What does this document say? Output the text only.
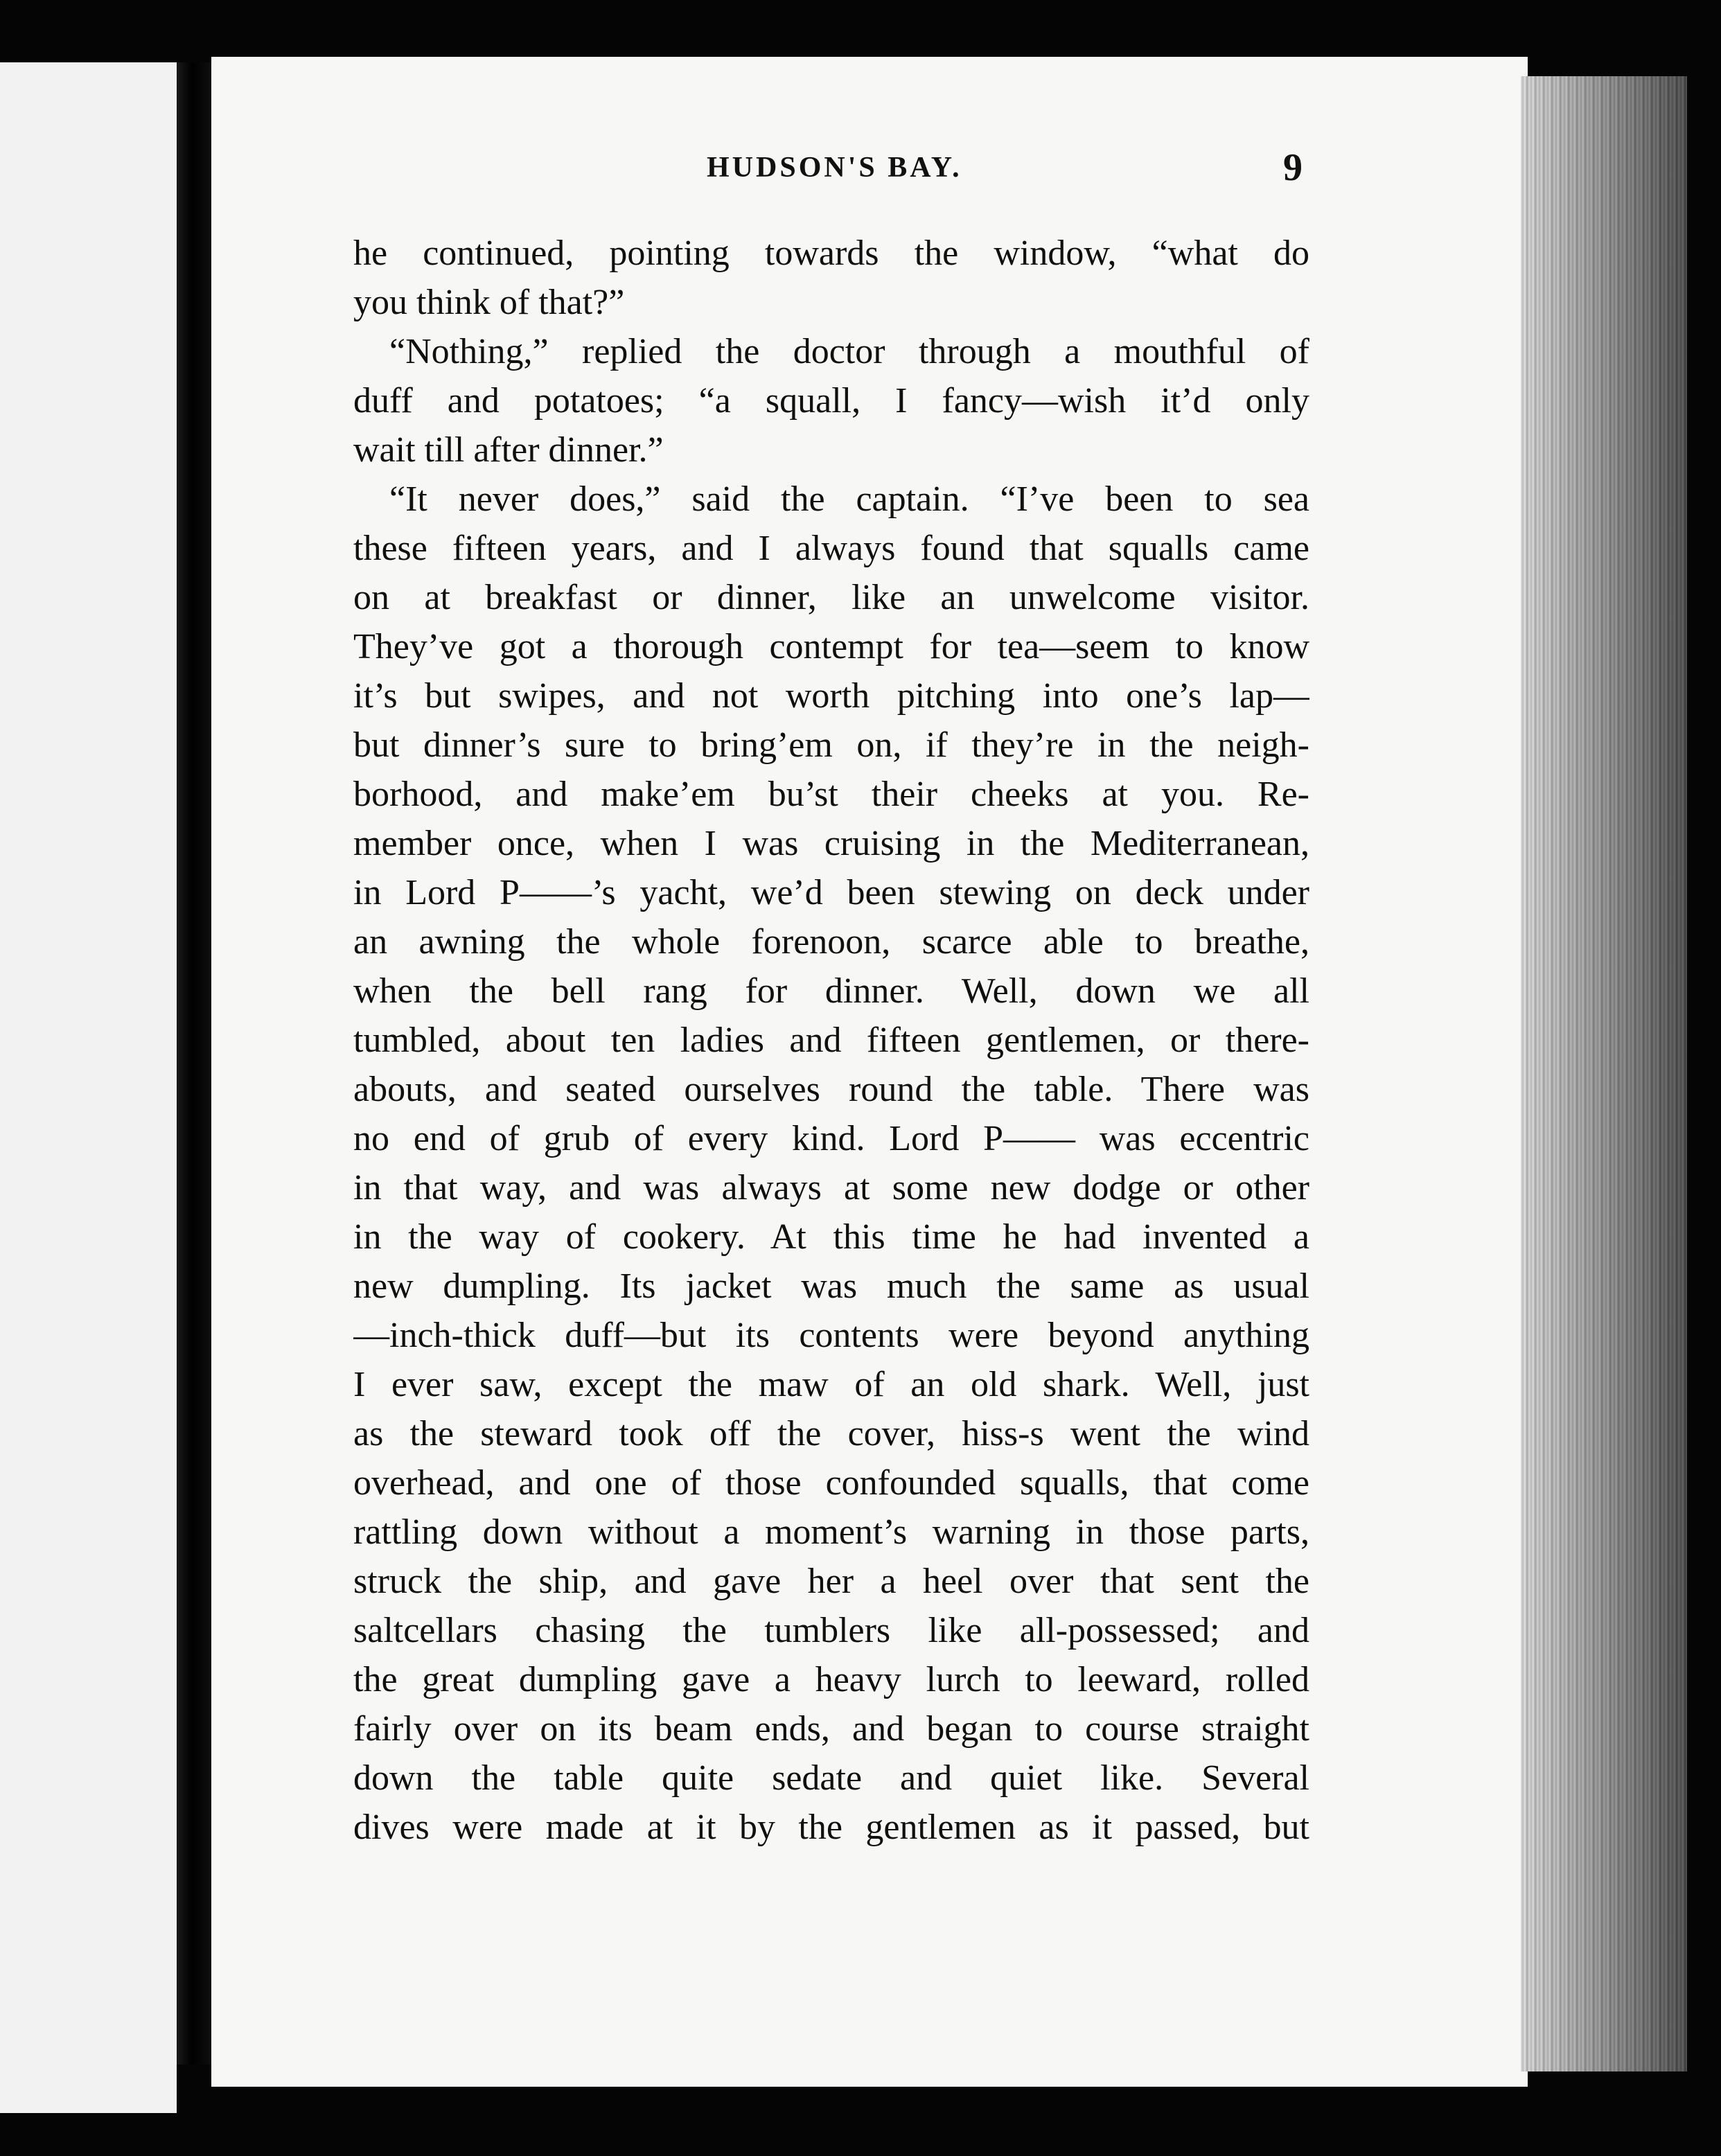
HUDSON'S BAY.	9
he continued, pointing towards the window, “what do
you think of that?”
“Nothing,” replied the doctor through a mouthful of
duff and potatoes; “a squall, I fancy—wish it’d only
wait till after dinner.”
“It never does,” said the captain. “I’ve been to sea
these fifteen years, and I always found that squalls came
on at breakfast or dinner, like an unwelcome visitor.
They’ve got a thorough contempt for tea—seem to know
it’s but swipes, and not worth pitching into one’s lap—
but dinner’s sure to bring’em on, if they’re in the neigh-
borhood, and make’em bu’st their cheeks at you. Re-
member once, when I was cruising in the Mediterranean,
in Lord P——’s yacht, we’d been stewing on deck under
an awning the whole forenoon, scarce able to breathe,
when the bell rang for dinner. Well, down we all
tumbled, about ten ladies and fifteen gentlemen, or there-
abouts, and seated ourselves round the table. There was
no end of grub of every kind. Lord P—— was eccentric
in that way, and was always at some new dodge or other
in the way of cookery. At this time he had invented a
new dumpling. Its jacket was much the same as usual
—inch-thick duff—but its contents were beyond anything
I ever saw, except the maw of an old shark. Well, just
as the steward took off the cover, hiss-s went the wind
overhead, and one of those confounded squalls, that come
rattling down without a moment’s warning in those parts,
struck the ship, and gave her a heel over that sent the
saltcellars chasing the tumblers like all-possessed; and
the great dumpling gave a heavy lurch to leeward, rolled
fairly over on its beam ends, and began to course straight
down the table quite sedate and quiet like. Several
dives were made at it by the gentlemen as it passed, but
